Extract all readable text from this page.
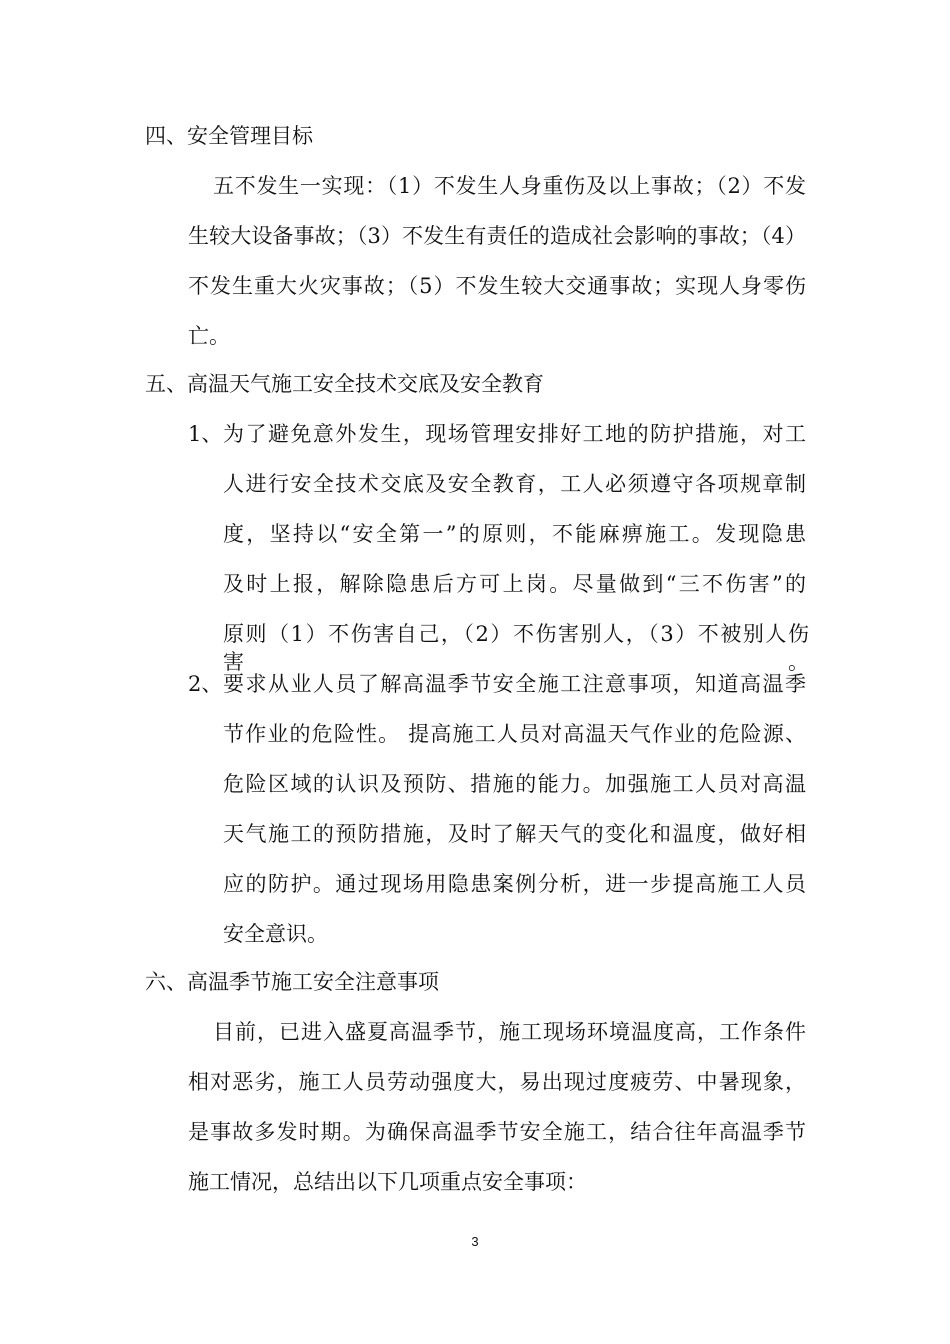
四、安全管理目标
五不发生一实现：（1）不发生人身重伤及以上事故；（2）不发
生较大设备事故；（3）不发生有责任的造成社会影响的事故；（4）
不发生重大火灾事故；（5）不发生较大交通事故；实现人身零伤
亡。
五、高温天气施工安全技术交底及安全教育
1、 为了避免意外发生，现场管理安排好工地的防护措施，对工
人进行安全技术交底及安全教育，工人必须遵守各项规章制
度，坚持以“安全第一”的原则，不能麻痹施工。发现隐患
及时上报，解除隐患后方可上岗。尽量做到“三不伤害”的
原则（1）不伤害自己，（2）不伤害别人，（3）不被别人伤害。
2、 要求从业人员了解高温季节安全施工注意事项，知道高温季
节作业的危险性。 提高施工人员对高温天气作业的危险源、
危险区域的认识及预防、措施的能力。加强施工人员对高温
天气施工的预防措施，及时了解天气的变化和温度，做好相
应的防护。通过现场用隐患案例分析，进一步提高施工人员
安全意识。
六、高温季节施工安全注意事项
目前，已进入盛夏高温季节，施工现场环境温度高，工作条件
相对恶劣，施工人员劳动强度大，易出现过度疲劳、中暑现象，
是事故多发时期。为确保高温季节安全施工，结合往年高温季节
施工情况，总结出以下几项重点安全事项：
3
